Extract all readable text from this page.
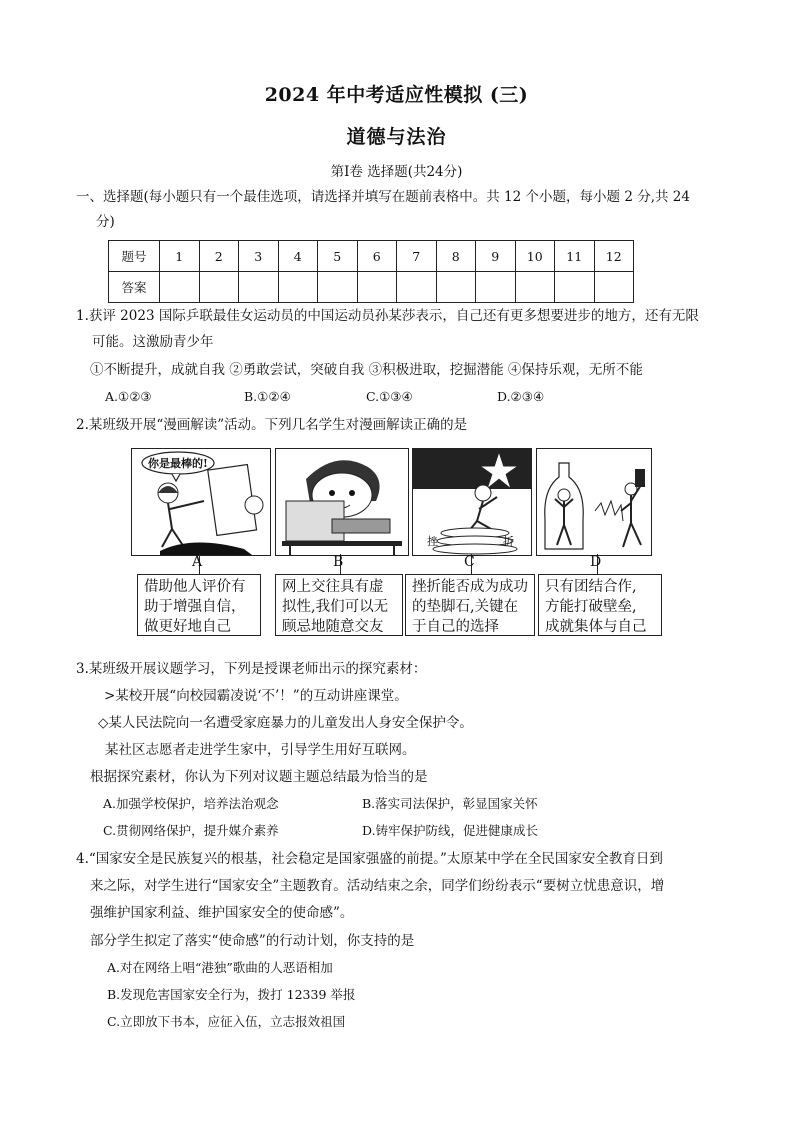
2024 年中考适应性模拟 (三)
道德与法治
第Ⅰ卷 选择题(共24分)
一、选择题(每小题只有一个最佳选项，请选择并填写在题前表格中。共 12 个小题，每小题 2 分,共 24
分)
题号	1	2	3	4	5	6	7	8	9	10	11	12
答案												
1.获评 2023 国际乒联最佳女运动员的中国运动员孙某莎表示，自己还有更多想要进步的地方，还有无限
可能。这激励青少年
①不断提升，成就自我 ②勇敢尝试，突破自我 ③积极进取，挖掘潜能 ④保持乐观，无所不能
A.①②③	B.①②④	C.①③④	D.②③④
2.某班级开展“漫画解读”活动。下列几名学生对漫画解读正确的是
你是最棒的!
挫	折
A	B	C	D
借助他人评价有
助于增强自信，
做更好地自己
网上交往具有虚
拟性,我们可以无
顾忌地随意交友
挫折能否成为成功
的垫脚石,关键在
于自己的选择
只有团结合作,
方能打破壁垒,
成就集体与自己
3.某班级开展议题学习，下列是授课老师出示的探究素材：
>某校开展“向校园霸凌说‘不’！”的互动讲座课堂。
◇某人民法院向一名遭受家庭暴力的儿童发出人身安全保护令。
某社区志愿者走进学生家中，引导学生用好互联网。
根据探究素材，你认为下列对议题主题总结最为恰当的是
A.加强学校保护，培养法治观念	B.落实司法保护，彰显国家关怀
C.贯彻网络保护，提升媒介素养	D.铸牢保护防线，促进健康成长
4.“国家安全是民族复兴的根基，社会稳定是国家强盛的前提。”太原某中学在全民国家安全教育日到
来之际，对学生进行“国家安全”主题教育。活动结束之余，同学们纷纷表示“要树立忧患意识，增
强维护国家利益、维护国家安全的使命感”。
部分学生拟定了落实“使命感”的行动计划，你支持的是
A.对在网络上唱“港独”歌曲的人恶语相加
B.发现危害国家安全行为，拨打 12339 举报
C.立即放下书本，应征入伍，立志报效祖国
